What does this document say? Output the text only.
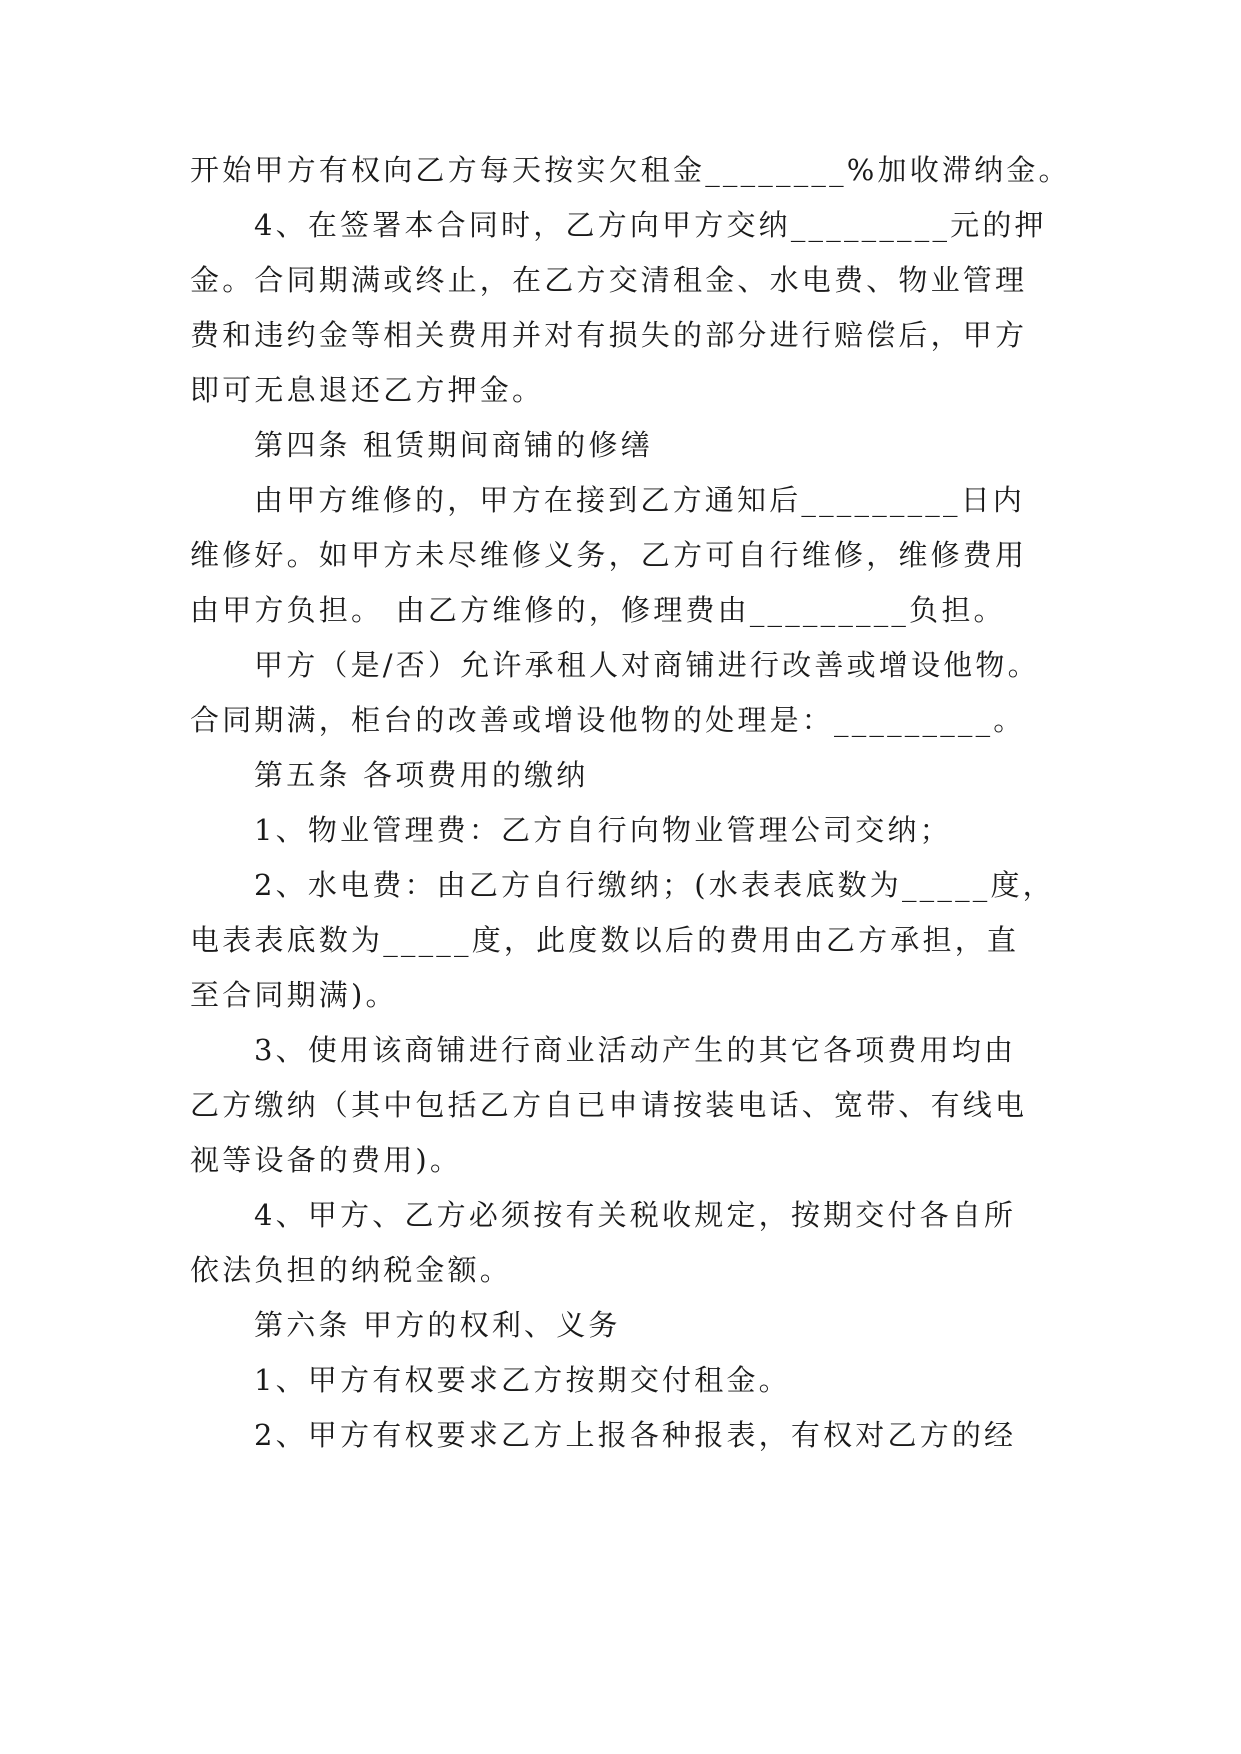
开始甲方有权向乙方每天按实欠租金________%加收滞纳金。
4、在签署本合同时，乙方向甲方交纳_________元的押
金。合同期满或终止，在乙方交清租金、水电费、物业管理
费和违约金等相关费用并对有损失的部分进行赔偿后，甲方
即可无息退还乙方押金。
第四条 租赁期间商铺的修缮
由甲方维修的，甲方在接到乙方通知后_________日内
维修好。如甲方未尽维修义务，乙方可自行维修，维修费用
由甲方负担。 由乙方维修的，修理费由_________负担。
甲方（是/否）允许承租人对商铺进行改善或增设他物。
合同期满，柜台的改善或增设他物的处理是：_________。
第五条 各项费用的缴纳
1、物业管理费：乙方自行向物业管理公司交纳；
2、水电费：由乙方自行缴纳；(水表表底数为_____度，
电表表底数为_____度，此度数以后的费用由乙方承担，直
至合同期满)。
3、使用该商铺进行商业活动产生的其它各项费用均由
乙方缴纳（其中包括乙方自已申请按装电话、宽带、有线电
视等设备的费用)。
4、甲方、乙方必须按有关税收规定，按期交付各自所
依法负担的纳税金额。
第六条 甲方的权利、义务
1、甲方有权要求乙方按期交付租金。
2、甲方有权要求乙方上报各种报表，有权对乙方的经
